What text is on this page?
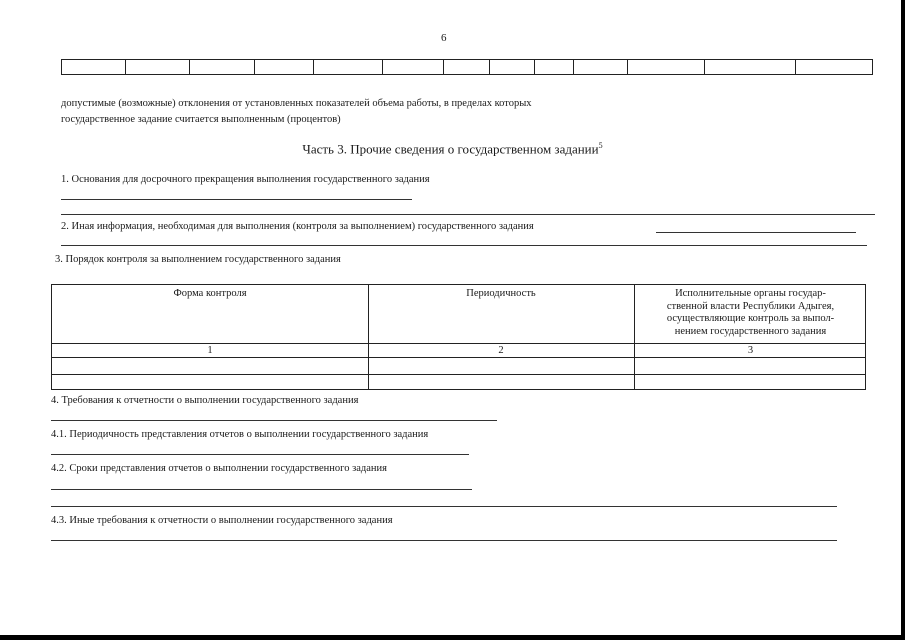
6
допустимые (возможные) отклонения от установленных показателей объема работы, в пределах которых
государственное задание считается выполненным (процентов)
Часть 3. Прочие сведения о государственном задании$^5$
1. Основания для досрочного прекращения выполнения государственного задания
2. Иная информация, необходимая для выполнения (контроля за выполнением) государственного задания
3. Порядок контроля за выполнением государственного задания
Форма контроля	Периодичность	Исполнительные органы государ-
ственной власти Республики Адыгея,
осуществляющие контроль за выпол-
нением государственного задания
1	2	3
4. Требования к отчетности о выполнении государственного задания
4.1. Периодичность представления отчетов о выполнении государственного задания
4.2. Сроки представления отчетов о выполнении государственного задания
4.3. Иные требования к отчетности о выполнении государственного задания
